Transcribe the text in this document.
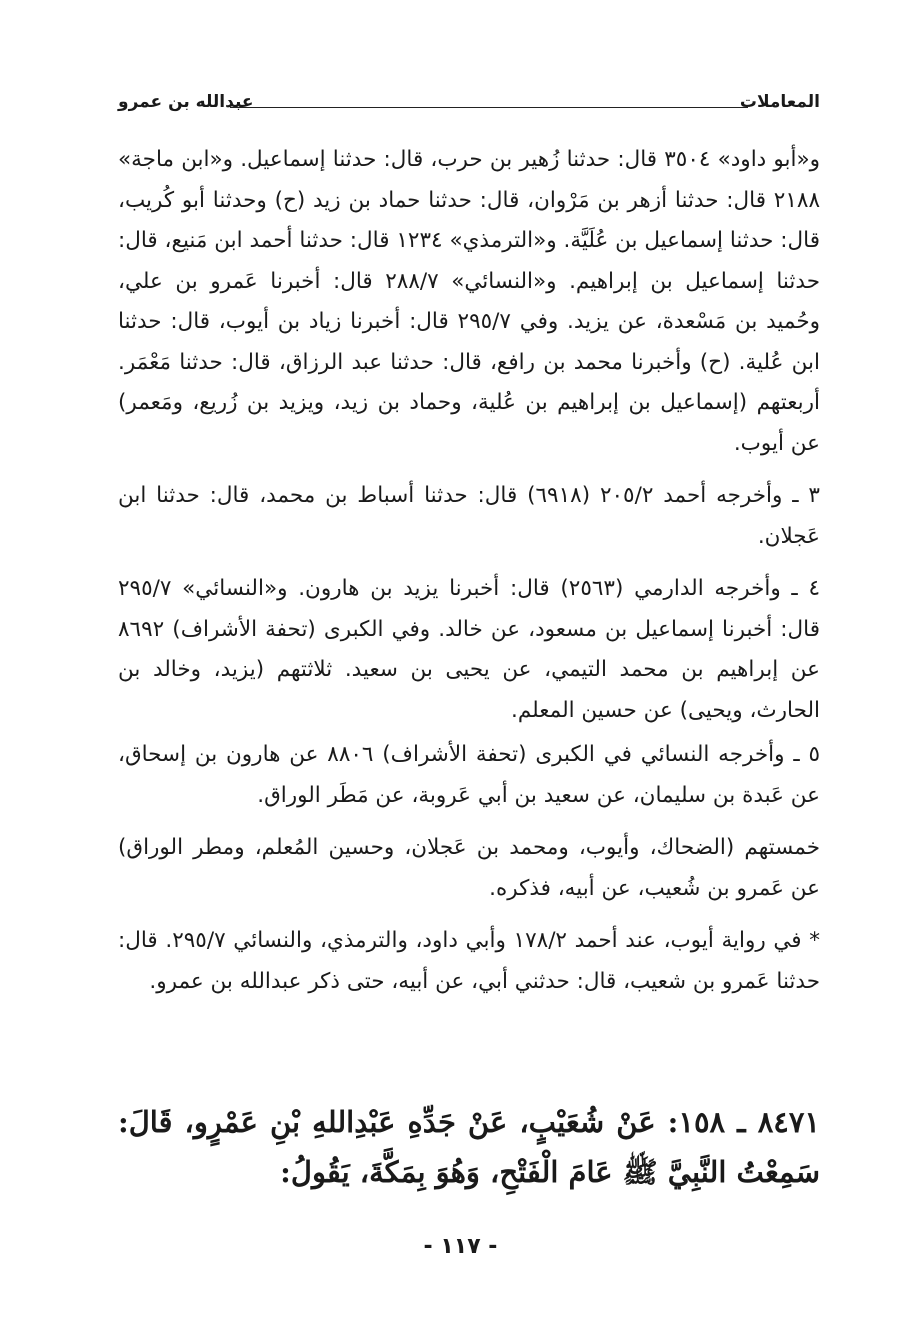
المعاملات
عبدالله بن عمرو

و«أبو داود» ٣٥٠٤ قال: حدثنا زُهير بن حرب، قال: حدثنا إسماعيل. و«ابن ماجة» ٢١٨٨ قال: حدثنا أزهر بن مَرْوان، قال: حدثنا حماد بن زيد (ح) وحدثنا أبو كُريب، قال: حدثنا إسماعيل بن عُلَيَّة. و«الترمذي» ١٢٣٤ قال: حدثنا أحمد ابن مَنيع، قال: حدثنا إسماعيل بن إبراهيم. و«النسائي» ٢٨٨/٧ قال: أخبرنا عَمرو بن علي، وحُميد بن مَسْعدة، عن يزيد. وفي ٢٩٥/٧ قال: أخبرنا زياد بن أيوب، قال: حدثنا ابن عُلية. (ح) وأخبرنا محمد بن رافع، قال: حدثنا عبد الرزاق، قال: حدثنا مَعْمَر. أربعتهم (إسماعيل بن إبراهيم بن عُلية، وحماد بن زيد، ويزيد بن زُريع، ومَعمر) عن أيوب.

٣ ـ وأخرجه أحمد ٢٠٥/٢ (٦٩١٨) قال: حدثنا أسباط بن محمد، قال: حدثنا ابن عَجلان.

٤ ـ وأخرجه الدارمي (٢٥٦٣) قال: أخبرنا يزيد بن هارون. و«النسائي» ٢٩٥/٧ قال: أخبرنا إسماعيل بن مسعود، عن خالد. وفي الكبرى (تحفة الأشراف) ٨٦٩٢ عن إبراهيم بن محمد التيمي، عن يحيى بن سعيد. ثلاثتهم (يزيد، وخالد بن الحارث، ويحيى) عن حسين المعلم.

٥ ـ وأخرجه النسائي في الكبرى (تحفة الأشراف) ٨٨٠٦ عن هارون بن إسحاق، عن عَبدة بن سليمان، عن سعيد بن أبي عَروبة، عن مَطَر الوراق.

خمستهم (الضحاك، وأيوب، ومحمد بن عَجلان، وحسين المُعلم، ومطر الوراق) عن عَمرو بن شُعيب، عن أبيه، فذكره.

* في رواية أيوب، عند أحمد ١٧٨/٢ وأبي داود، والترمذي، والنسائي ٢٩٥/٧. قال: حدثنا عَمرو بن شعيب، قال: حدثني أبي، عن أبيه، حتى ذكر عبدالله بن عمرو.

٨٤٧١ ـ ١٥٨: عَنْ شُعَيْبٍ، عَنْ جَدِّهِ عَبْدِاللهِ بْنِ عَمْرٍو، قَالَ: سَمِعْتُ النَّبِيَّ ﷺ عَامَ الْفَتْحِ، وَهُوَ بِمَكَّةَ، يَقُولُ:
- ١١٧ -
